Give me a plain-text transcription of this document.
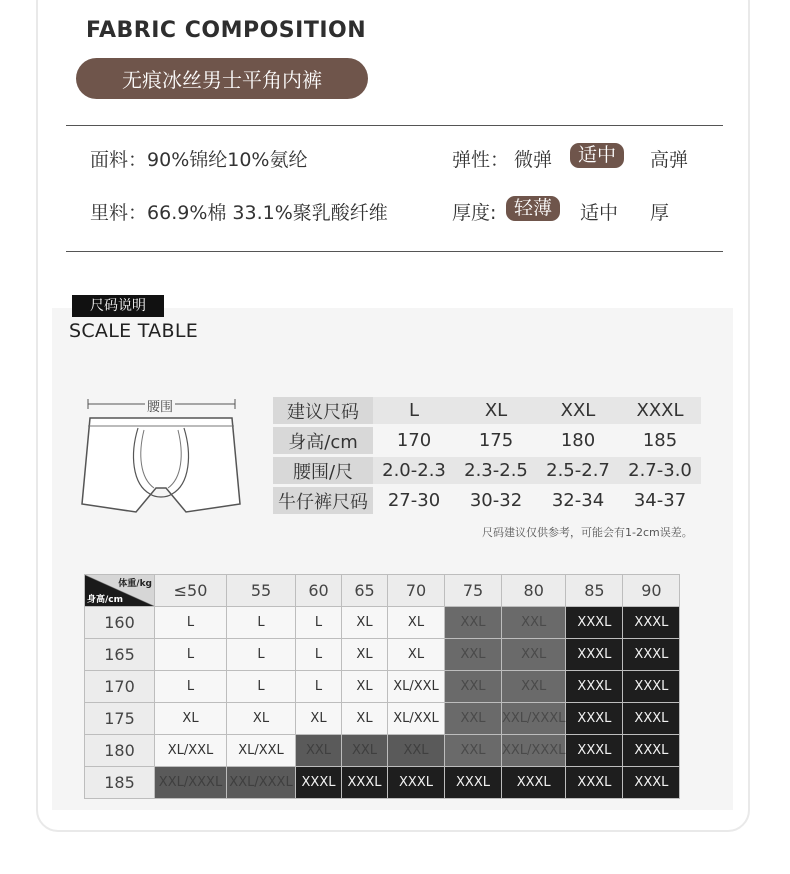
FABRIC COMPOSITION
无痕冰丝男士平角内裤
面料：90%锦纶10%氨纶
里料：66.9%棉 33.1%聚乳酸纤维
弹性： 微弹	适中	高弹
厚度: 轻薄	适中 厚
尺码说明
SCALE TABLE
腰围	建议尺码	L	XL	XXL	XXXL
身高/cm	170	175	180	185
腰围/尺	2.0-2.3	2.3-2.5	2.5-2.7	2.7-3.0
牛仔裤尺码	27-30	30-32	32-34	34-37
尺码建议仅供参考，可能会有1-2cm误差。
体重/kg
身高/cm	≤50	55	60	65	70	75	80	85	90
160	L	L	L	XL	XL	XXL	XXL	XXXL	XXXL
165	L	L	L	XL	XL	XXL	XXL	XXXL	XXXL
170	L	L	L	XL	XL/XXL	XXL	XXL	XXXL	XXXL
175	XL	XL	XL	XL	XL/XXL	XXL	XXL/XXXL	XXXL	XXXL
180	XL/XXL	XL/XXL	XXL	XXL	XXL	XXL	XXL/XXXL	XXXL	XXXL
185	XXL/XXXL	XXL/XXXL	XXXL	XXXL	XXXL	XXXL	XXXL	XXXL	XXXL
